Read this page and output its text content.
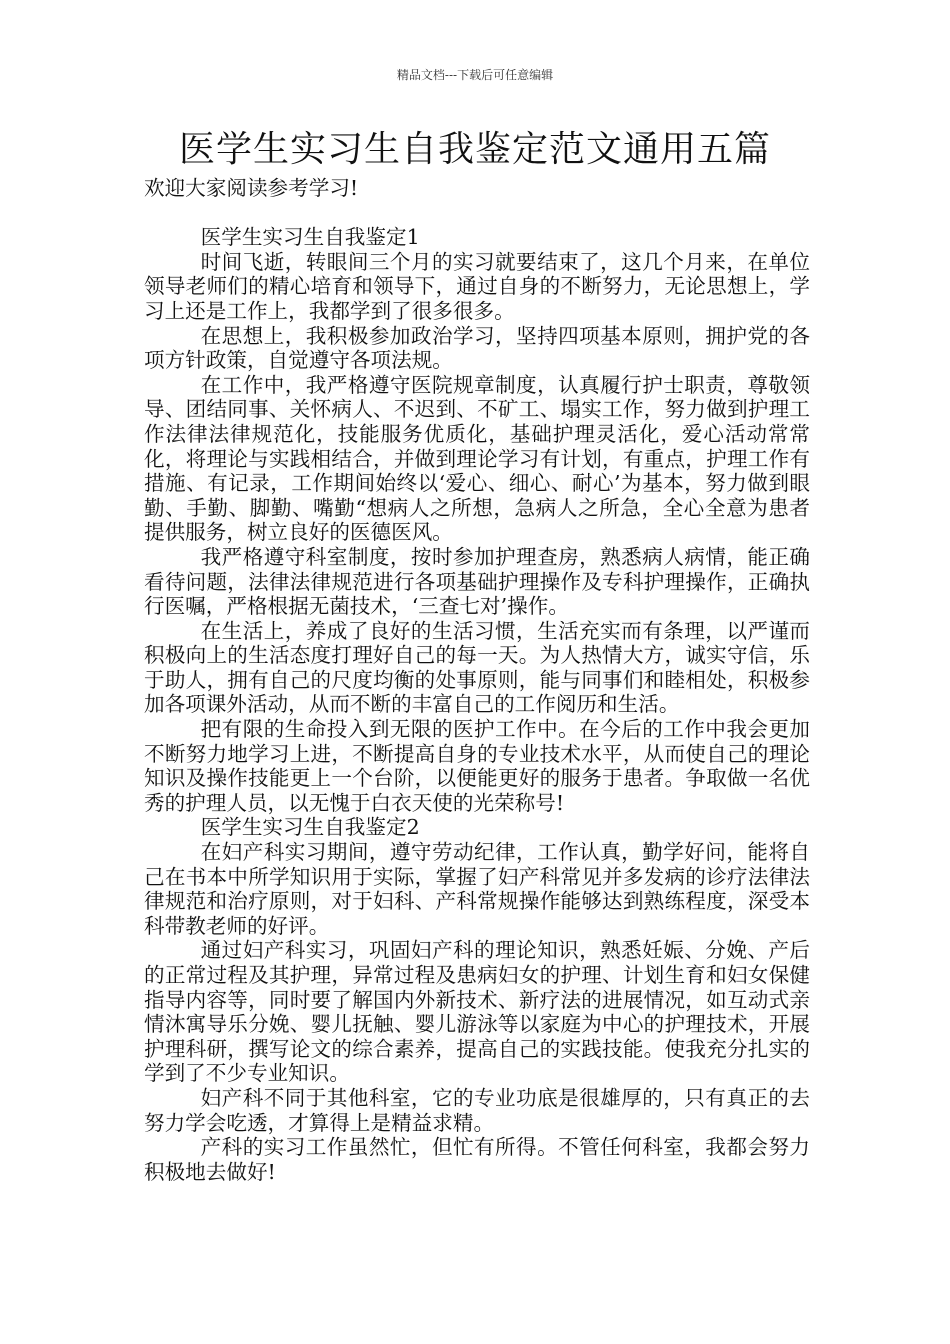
精品文档---下载后可任意编辑
医学生实习生自我鉴定范文通用五篇

欢迎大家阅读参考学习!

医学生实习生自我鉴定1

时间飞逝，转眼间三个月的实习就要结束了，这几个月来，在单位领导老师们的精心培育和领导下，通过自身的不断努力，无论思想上，学习上还是工作上，我都学到了很多很多。

在思想上，我积极参加政治学习，坚持四项基本原则，拥护党的各项方针政策，自觉遵守各项法规。

在工作中，我严格遵守医院规章制度，认真履行护士职责，尊敬领导、团结同事、关怀病人、不迟到、不矿工、塌实工作，努力做到护理工作法律法律规范化，技能服务优质化，基础护理灵活化，爱心活动常常化，将理论与实践相结合，并做到理论学习有计划，有重点，护理工作有措施、有记录，工作期间始终以‘爱心、细心、耐心’为基本，努力做到眼勤、手勤、脚勤、嘴勤“想病人之所想，急病人之所急，全心全意为患者提供服务，树立良好的医德医风。

我严格遵守科室制度，按时参加护理查房，熟悉病人病情，能正确看待问题，法律法律规范进行各项基础护理操作及专科护理操作，正确执行医嘱，严格根据无菌技术，‘三查七对’操作。

在生活上，养成了良好的生活习惯，生活充实而有条理，以严谨而积极向上的生活态度打理好自己的每一天。为人热情大方，诚实守信，乐于助人，拥有自己的尺度均衡的处事原则，能与同事们和睦相处，积极参加各项课外活动，从而不断的丰富自己的工作阅历和生活。

把有限的生命投入到无限的医护工作中。在今后的工作中我会更加不断努力地学习上进，不断提高自身的专业技术水平，从而使自己的理论知识及操作技能更上一个台阶，以便能更好的服务于患者。争取做一名优秀的护理人员，以无愧于白衣天使的光荣称号!

医学生实习生自我鉴定2

在妇产科实习期间，遵守劳动纪律，工作认真，勤学好问，能将自己在书本中所学知识用于实际，掌握了妇产科常见并多发病的诊疗法律法律规范和治疗原则，对于妇科、产科常规操作能够达到熟练程度，深受本科带教老师的好评。

通过妇产科实习，巩固妇产科的理论知识，熟悉妊娠、分娩、产后的正常过程及其护理，异常过程及患病妇女的护理、计划生育和妇女保健指导内容等，同时要了解国内外新技术、新疗法的进展情况，如互动式亲情沐寓导乐分娩、婴儿抚触、婴儿游泳等以家庭为中心的护理技术，开展护理科研，撰写论文的综合素养，提高自己的实践技能。使我充分扎实的学到了不少专业知识。

妇产科不同于其他科室，它的专业功底是很雄厚的，只有真正的去努力学会吃透，才算得上是精益求精。

产科的实习工作虽然忙，但忙有所得。不管任何科室，我都会努力积极地去做好!
